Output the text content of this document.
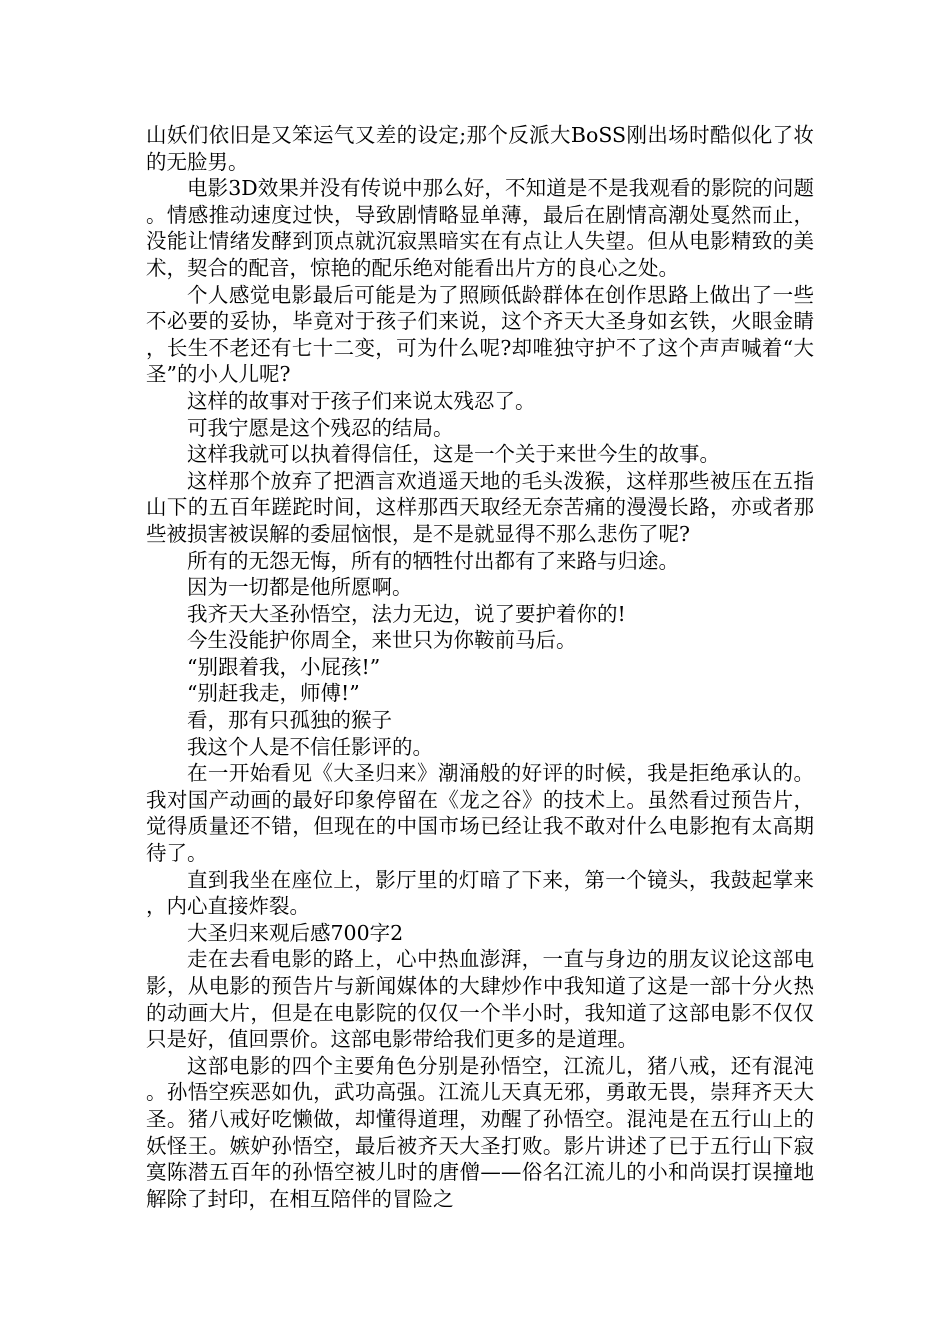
山妖们依旧是又笨运气又差的设定;那个反派大BoSS刚出场时酷似化了妆的无脸男。

电影3D效果并没有传说中那么好，不知道是不是我观看的影院的问题。情感推动速度过快，导致剧情略显单薄，最后在剧情高潮处戛然而止，没能让情绪发酵到顶点就沉寂黑暗实在有点让人失望。但从电影精致的美术，契合的配音，惊艳的配乐绝对能看出片方的良心之处。

个人感觉电影最后可能是为了照顾低龄群体在创作思路上做出了一些不必要的妥协，毕竟对于孩子们来说，这个齐天大圣身如玄铁，火眼金睛，长生不老还有七十二变，可为什么呢?却唯独守护不了这个声声喊着“大圣”的小人儿呢?

这样的故事对于孩子们来说太残忍了。

可我宁愿是这个残忍的结局。

这样我就可以执着得信任，这是一个关于来世今生的故事。

这样那个放弃了把酒言欢逍遥天地的毛头泼猴，这样那些被压在五指山下的五百年蹉跎时间，这样那西天取经无奈苦痛的漫漫长路，亦或者那些被损害被误解的委屈恼恨，是不是就显得不那么悲伤了呢?

所有的无怨无悔，所有的牺牲付出都有了来路与归途。

因为一切都是他所愿啊。

我齐天大圣孙悟空，法力无边，说了要护着你的!

今生没能护你周全，来世只为你鞍前马后。

“别跟着我，小屁孩!”

“别赶我走，师傅!”

看，那有只孤独的猴子

我这个人是不信任影评的。

在一开始看见《大圣归来》潮涌般的好评的时候，我是拒绝承认的。我对国产动画的最好印象停留在《龙之谷》的技术上。虽然看过预告片，觉得质量还不错，但现在的中国市场已经让我不敢对什么电影抱有太高期待了。

直到我坐在座位上，影厅里的灯暗了下来，第一个镜头，我鼓起掌来，内心直接炸裂。

大圣归来观后感700字2

走在去看电影的路上，心中热血澎湃，一直与身边的朋友议论这部电影，从电影的预告片与新闻媒体的大肆炒作中我知道了这是一部十分火热的动画大片，但是在电影院的仅仅一个半小时，我知道了这部电影不仅仅只是好，值回票价。这部电影带给我们更多的是道理。

这部电影的四个主要角色分别是孙悟空，江流儿，猪八戒，还有混沌。孙悟空疾恶如仇，武功高强。江流儿天真无邪，勇敢无畏，崇拜齐天大圣。猪八戒好吃懒做，却懂得道理，劝醒了孙悟空。混沌是在五行山上的妖怪王。嫉妒孙悟空，最后被齐天大圣打败。影片讲述了已于五行山下寂寞陈潜五百年的孙悟空被儿时的唐僧——俗名江流儿的小和尚误打误撞地解除了封印，在相互陪伴的冒险之
